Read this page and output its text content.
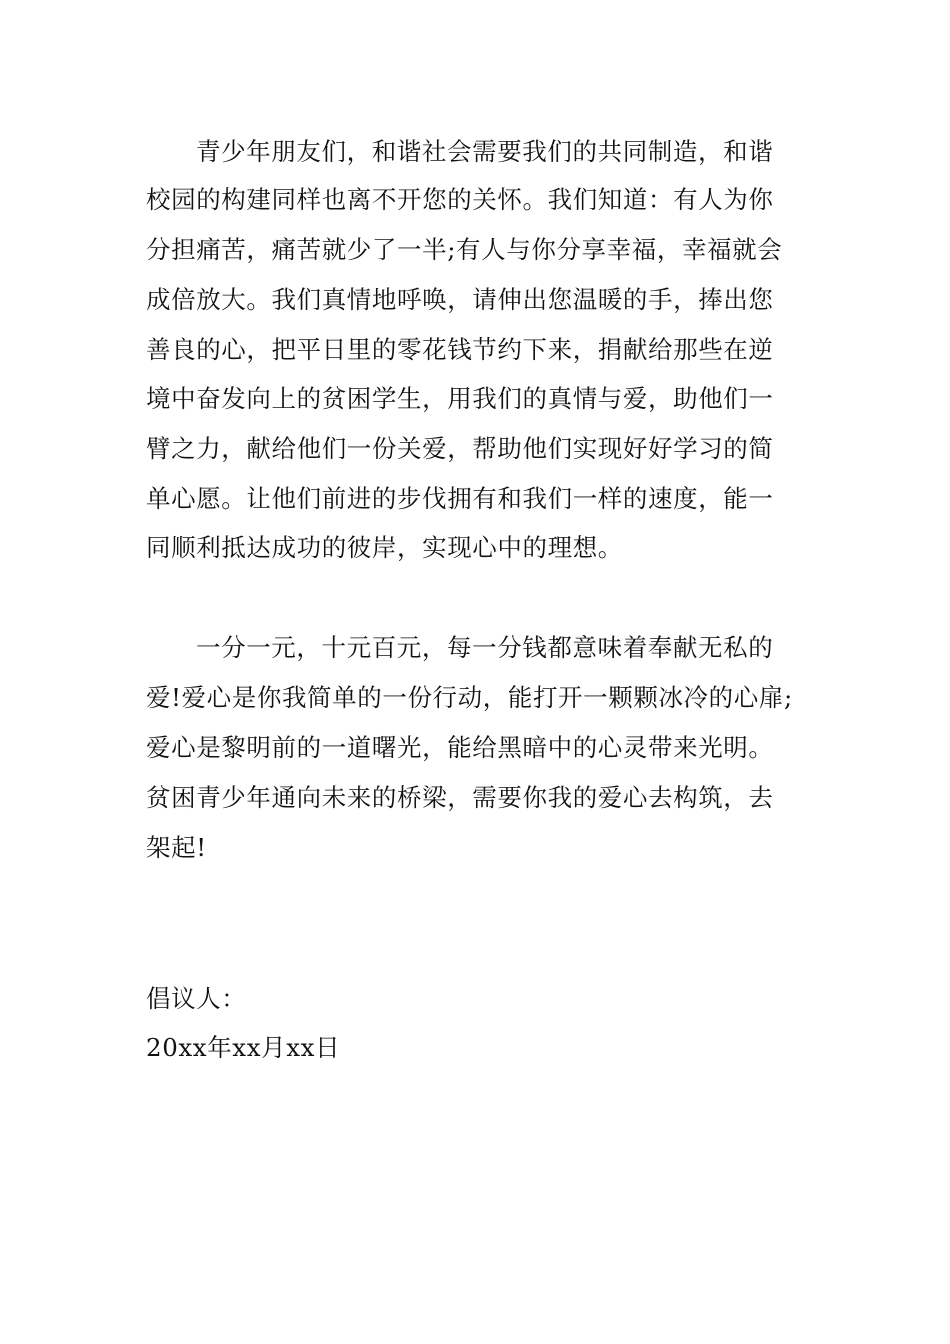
青少年朋友们，和谐社会需要我们的共同制造，和谐
校园的构建同样也离不开您的关怀。我们知道：有人为你
分担痛苦，痛苦就少了一半;有人与你分享幸福，幸福就会
成倍放大。我们真情地呼唤，请伸出您温暖的手，捧出您
善良的心，把平日里的零花钱节约下来，捐献给那些在逆
境中奋发向上的贫困学生，用我们的真情与爱，助他们一
臂之力，献给他们一份关爱，帮助他们实现好好学习的简
单心愿。让他们前进的步伐拥有和我们一样的速度，能一
同顺利抵达成功的彼岸，实现心中的理想。
一分一元，十元百元，每一分钱都意味着奉献无私的
爱!爱心是你我简单的一份行动，能打开一颗颗冰冷的心扉;
爱心是黎明前的一道曙光，能给黑暗中的心灵带来光明。
贫困青少年通向未来的桥梁，需要你我的爱心去构筑，去
架起!
倡议人：
20xx年xx月xx日
